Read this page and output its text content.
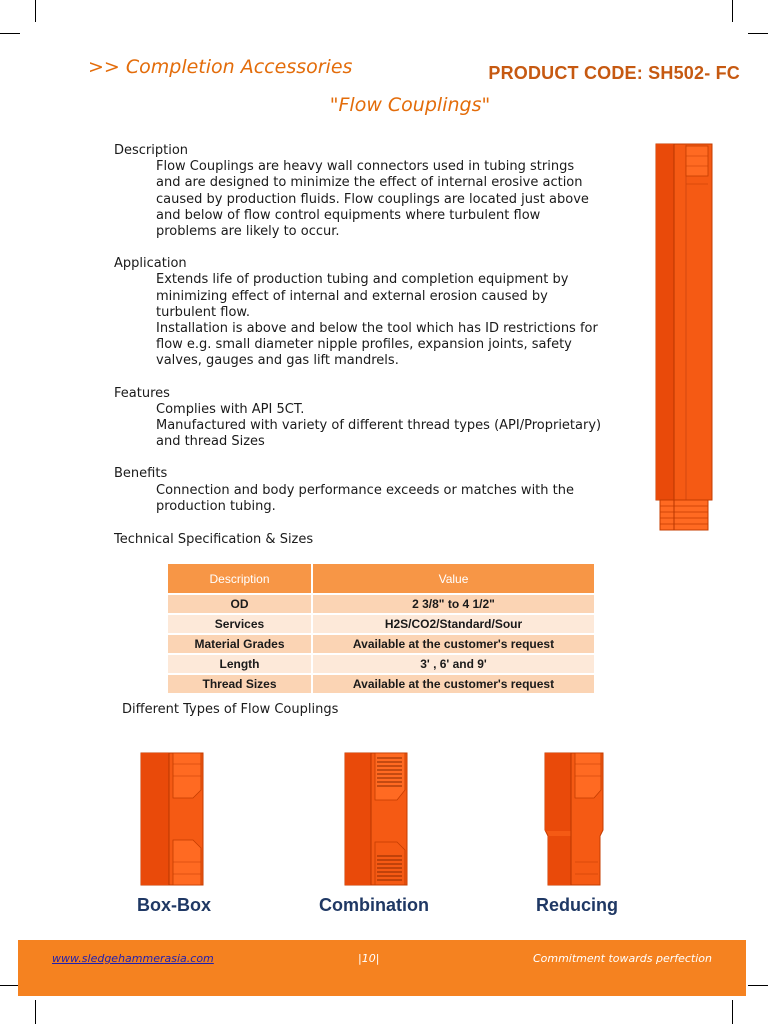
>> Completion Accessories	PRODUCT CODE: SH502- FC
"Flow Couplings"
Description
Flow Couplings are heavy wall connectors used in tubing strings
and are designed to minimize the effect of internal erosive action
caused by production fluids. Flow couplings are located just above
and below of flow control equipments where turbulent flow
problems are likely to occur.
Application
Extends life of production tubing and completion equipment by
minimizing effect of internal and external erosion caused by
turbulent flow.
Installation is above and below the tool which has ID restrictions for
flow e.g. small diameter nipple profiles, expansion joints, safety
valves, gauges and gas lift mandrels.
Features
Complies with API 5CT.
Manufactured with variety of different thread types (API/Proprietary)
and thread Sizes
Benefits
Connection and body performance exceeds or matches with the
production tubing.
Technical Specification & Sizes
Description	Value
OD	2 3/8" to 4 1/2"
Services	H2S/CO2/Standard/Sour
Material Grades	Available at the customer's request
Length	3' , 6' and 9'
Thread Sizes	Available at the customer's request
Different Types of Flow Couplings
Box-Box	Combination	Reducing
www.sledgehammerasia.com	|10|	Commitment towards perfection
